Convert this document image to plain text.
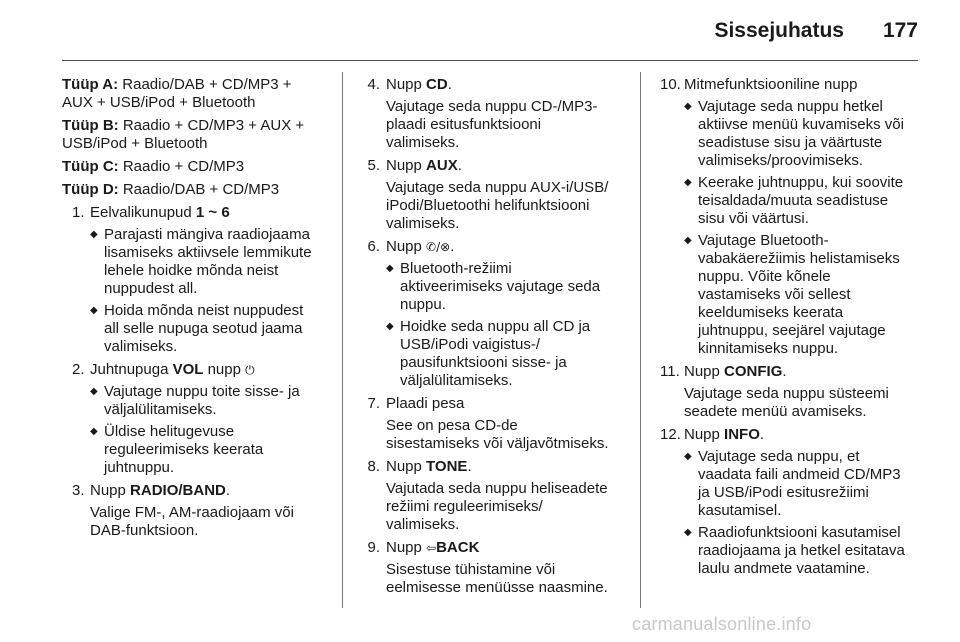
Sissejuhatus 177
Tüüp A: Raadio/DAB + CD/MP3 +
AUX + USB/iPod + Bluetooth
Tüüp B: Raadio + CD/MP3 + AUX +
USB/iPod + Bluetooth
Tüüp C: Raadio + CD/MP3
Tüüp D: Raadio/DAB + CD/MP3
1. Eelvalikunupud 1 ~ 6
◆ Parajasti mängiva raadiojaama
lisamiseks aktiivsele lemmikute
lehele hoidke mõnda neist
nuppudest all.
◆ Hoida mõnda neist nuppudest
all selle nupuga seotud jaama
valimiseks.
2. Juhtnupuga VOL nupp ⏻
◆ Vajutage nuppu toite sisse- ja
väljalülitamiseks.
◆ Üldise helitugevuse
reguleerimiseks keerata
juhtnuppu.
3. Nupp RADIO/BAND.
Valige FM-, AM-raadiojaam või
DAB-funktsioon.
4. Nupp CD.
Vajutage seda nuppu CD-/MP3-
plaadi esitusfunktsiooni
valimiseks.
5. Nupp AUX.
Vajutage seda nuppu AUX-i/USB/
iPodi/Bluetoothi helifunktsiooni
valimiseks.
6. Nupp ✆/⊗.
◆ Bluetooth-režiimi
aktiveerimiseks vajutage seda
nuppu.
◆ Hoidke seda nuppu all CD ja
USB/iPodi vaigistus-/
pausifunktsiooni sisse- ja
väljalülitamiseks.
7. Plaadi pesa
See on pesa CD-de
sisestamiseks või väljavõtmiseks.
8. Nupp TONE.
Vajutada seda nuppu heliseadete
režiimi reguleerimiseks/
valimiseks.
9. Nupp ⇦BACK
Sisestuse tühistamine või
eelmisesse menüüsse naasmine.
10. Mitmefunktsiooniline nupp
◆ Vajutage seda nuppu hetkel
aktiivse menüü kuvamiseks või
seadistuse sisu ja väärtuste
valimiseks/proovimiseks.
◆ Keerake juhtnuppu, kui soovite
teisaldada/muuta seadistuse
sisu või väärtusi.
◆ Vajutage Bluetooth-
vabakäerežiimis helistamiseks
nuppu. Võite kõnele
vastamiseks või sellest
keeldumiseks keerata
juhtnuppu, seejärel vajutage
kinnitamiseks nuppu.
11. Nupp CONFIG.
Vajutage seda nuppu süsteemi
seadete menüü avamiseks.
12. Nupp INFO.
◆ Vajutage seda nuppu, et
vaadata faili andmeid CD/MP3
ja USB/iPodi esitusrežiimi
kasutamisel.
◆ Raadiofunktsiooni kasutamisel
raadiojaama ja hetkel esitatava
laulu andmete vaatamine.
carmanualsonline.info
